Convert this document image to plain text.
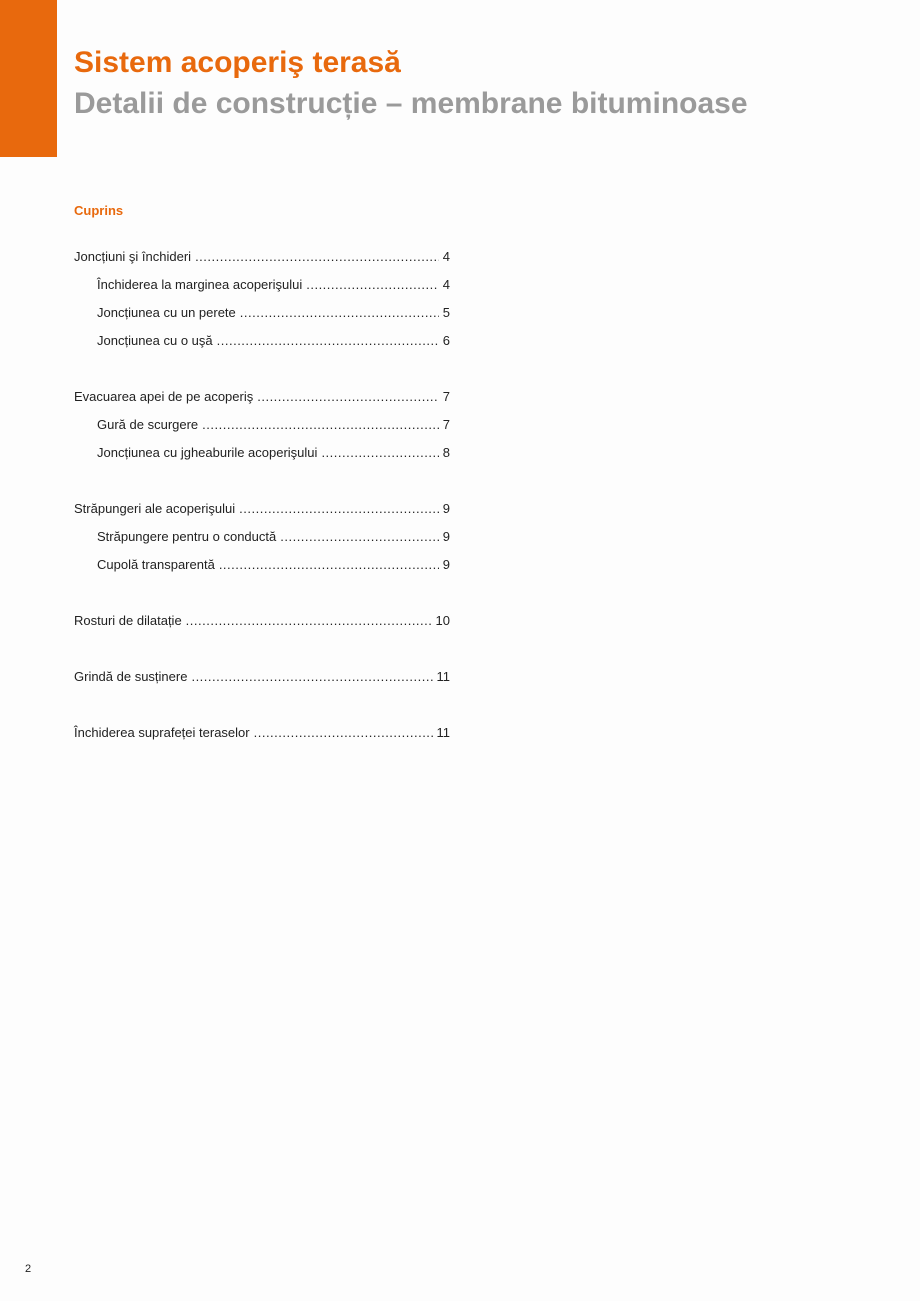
Sistem acoperiş terasă
Detalii de construcție – membrane bituminoase
Cuprins
Joncțiuni şi închideri .....	4
Închiderea la marginea acoperişului .....	4
Joncțiunea cu un perete .....	5
Joncțiunea cu o uşă .....	6
Evacuarea apei de pe acoperiş .....	7
Gură de scurgere .....	7
Joncțiunea cu jgheaburile acoperişului .....	8
Străpungeri ale acoperişului .....	9
Străpungere pentru o conductă .....	9
Cupolă transparentă .....	9
Rosturi de dilatație .....	10
Grindă de susținere .....	11
Închiderea suprafeței teraselor .....	11
2
